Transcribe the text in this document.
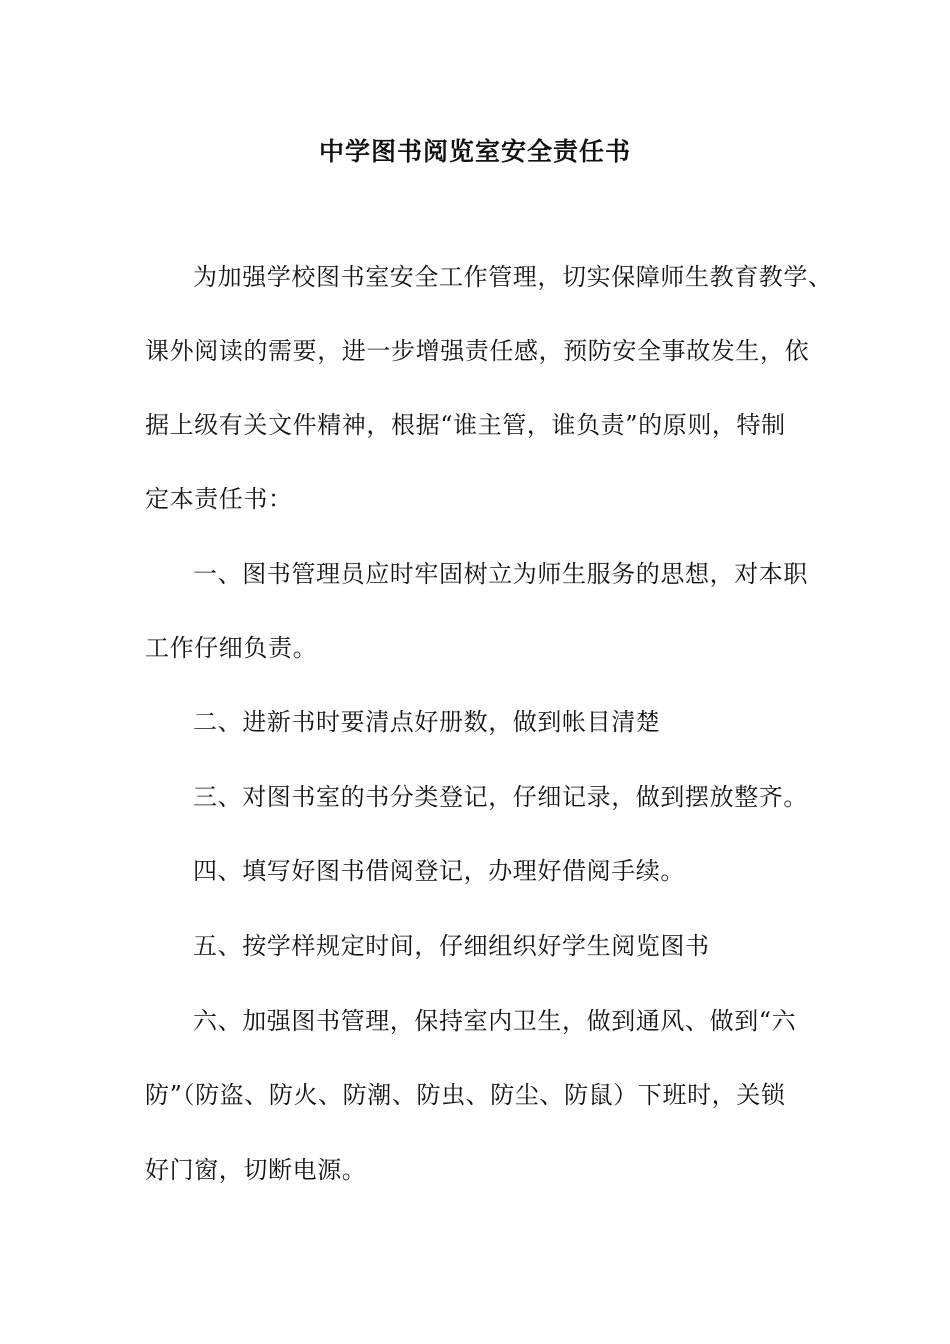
中学图书阅览室安全责任书
为加强学校图书室安全工作管理，切实保障师生教育教学、
课外阅读的需要，进一步增强责任感，预防安全事故发生，依
据上级有关文件精神，根据“谁主管，谁负责”的原则，特制
定本责任书：
一、图书管理员应时牢固树立为师生服务的思想，对本职
工作仔细负责。
二、进新书时要清点好册数，做到帐目清楚
三、对图书室的书分类登记，仔细记录，做到摆放整齐。
四、填写好图书借阅登记，办理好借阅手续。
五、按学样规定时间，仔细组织好学生阅览图书
六、加强图书管理，保持室内卫生，做到通风、做到“六
防”（防盗、防火、防潮、防虫、防尘、防鼠）下班时，关锁
好门窗，切断电源。
